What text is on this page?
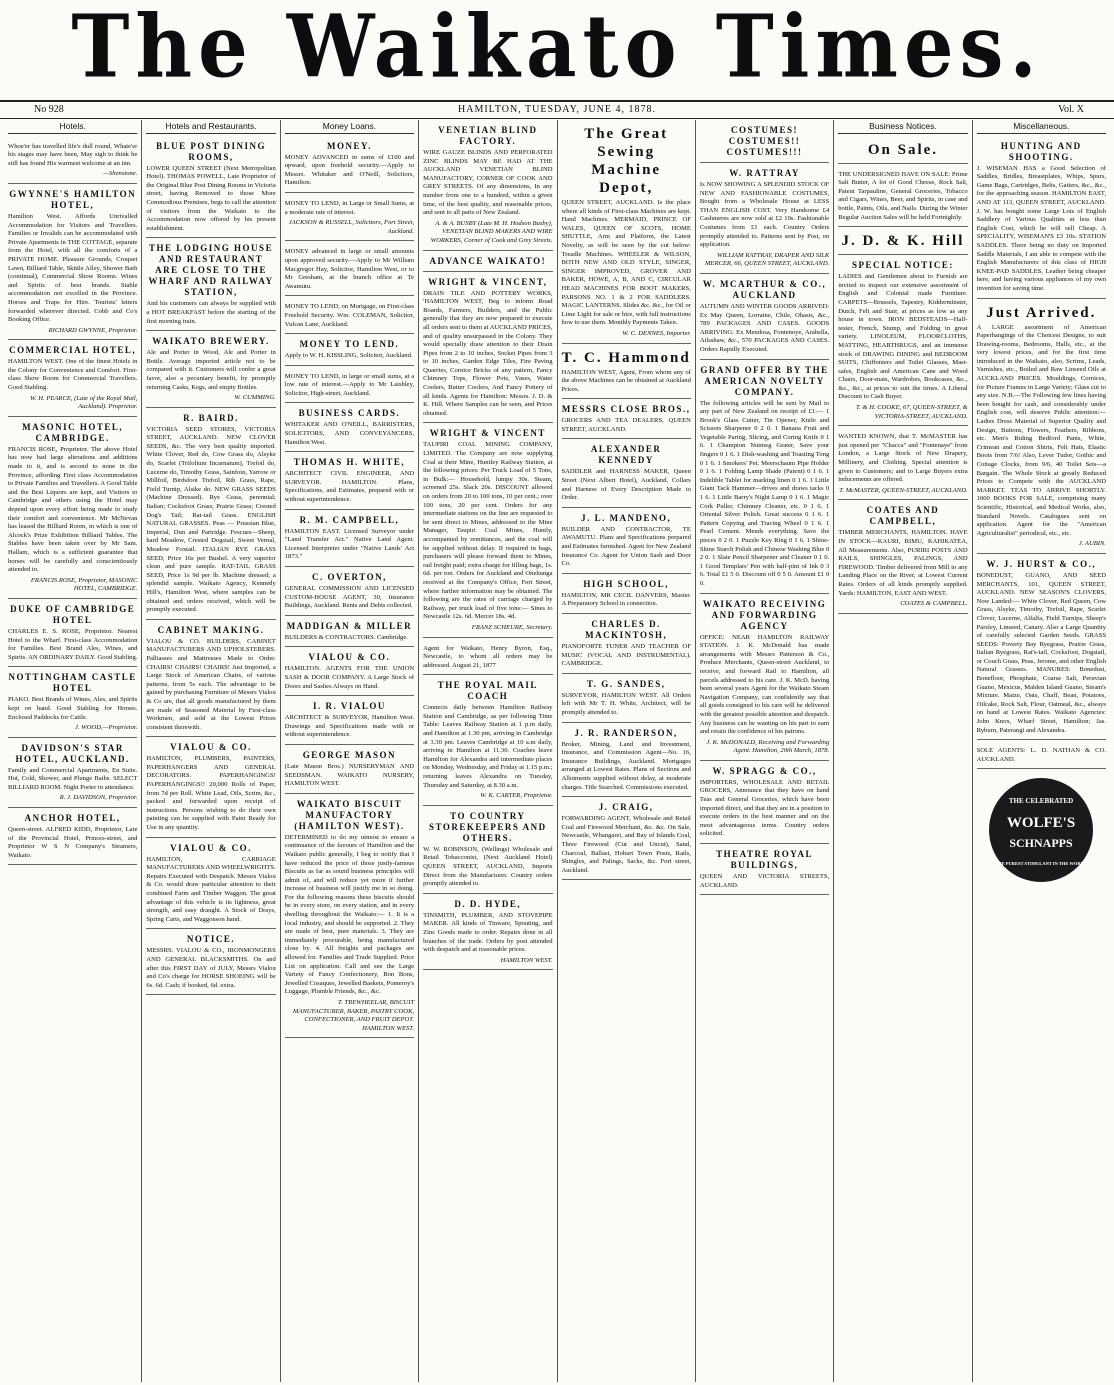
The Waikato Times.
No 928	HAMILTON, TUESDAY, JUNE 4, 1878.	Vol. X
Hotels.
Whoe'er has travelled life's dull round, Whate'er his stages may have been, May sigh to think he still has found His warmest welcome at an inn.
—Shenstone.
GWYNNE'S HAMILTON HOTEL,
Hamilton West. Affords Unrivalled Accommodation for Visitors and Travellers. Families or Invalids can be accommodated with Private Apartments in THE COTTAGE, separate from the Hotel, with all the comforts of a PRIVATE HOME. Pleasure Grounds, Croquet Lawn, Billiard Table, Skittle Alley, Shower Bath (continual), Commercial Show Rooms. Wines and Spirits of best brands. Stable accommodation not excelled in the Province. Horses and Traps for Hire. Tourists' letters forwarded wherever directed. Cobb and Co's Booking Office.
RICHARD GWYNNE, Proprietor.
COMMERCIAL HOTEL,
HAMILTON WEST. One of the finest Hotels in the Colony for Convenience and Comfort. First-class Show Room for Commercial Travellers. Good Stabling.
W. H. PEARCE, (Late of the Royal Mail, Auckland). Proprietor.
MASONIC HOTEL, CAMBRIDGE.
FRANCIS ROSE, Proprietor. The above Hotel has now had large alterations and additions made to it, and is second to none in the Province, affording First class Accommodation to Private Families and Travellers. A Good Table and the Best Liquors are kept, and Visitors to Cambridge and others using the Hotel may depend upon every effort being made to study their comfort and convenience. Mr McNevan has leased the Billiard Room, in which is one of Alcock's Prize Exhibition Billiard Tables. The Stables have been taken over by Mr Sam. Hallam, which is a sufficient guarantee that horses will be carefully and conscientiously attended to.
FRANCIS ROSE, Proprietor, MASONIC HOTEL, CAMBRIDGE.
DUKE OF CAMBRIDGE HOTEL
CHARLES E. S. ROSE, Proprietor. Nearest Hotel to the Wharf. First-class Accommodation for Families. Best Brand Ales, Wines, and Spirits. AN ORDINARY DAILY. Good Stabling.
NOTTINGHAM CASTLE HOTEL
PIAKO. Best Brands of Wines, Ales, and Spirits kept on hand. Good Stabling for Horses. Enclosed Paddocks for Cattle.
J. WOOD,—Proprietor.
DAVIDSON'S STAR HOTEL, AUCKLAND.
Family and Commercial Apartments, En Suite. Hot, Cold, Shower, and Plunge Baths. SELECT BILLIARD ROOM. Night Porter in attendance.
R. J. DAVIDSON, Proprietor.
ANCHOR HOTEL,
Queen-street. ALFRED KIDD, Proprietor, Late of the Provincial Hotel, Princes-street, and Proprietor W S N Company's Steamers, Waikato.
Hotels and Restaurants.
BLUE POST DINING ROOMS,
LOWER QUEEN STREET (Next Metropolitan Hotel). THOMAS POWELL, Late Proprietor of the Original Blue Post Dining Rooms in Victoria street, having Removed to those More Commodious Premises, begs to call the attention of visitors from the Waikato to the Accommodation now offered by his present establishment.
THE LODGING HOUSE AND RESTAURANT ARE CLOSE TO THE WHARF AND RAILWAY STATION,
And his customers can always be supplied with a HOT BREAKFAST before the starting of the first morning train.
WAIKATO BREWERY.
Ale and Porter in Wood, Ale and Porter in Bottle. Average imported article not to be compared with it. Customers will confer a great favor, also a pecuniary benefit, by promptly returning Casks, Kegs, and empty Bottles.
W. CUMMING.
R. BAIRD.
VICTORIA SEED STORES, VICTORIA STREET, AUCKLAND. NEW CLOVER SEEDS, &c. The very best quality imported. White Clover, Red do, Cow Grass do, Alsyke do, Scarlet (Trifolium Incarnatum), Trefoil do, Lucerne do, Timothy Grass, Sainfoin, Yarrow or Millfoil, Birdsfoot Trefoil, Rib Grass, Rape, Field Turnip, Alsike do. NEW GRASS SEEDS (Machine Dressed). Rye Grass, perennial; Italian; Cocksfoot Grass; Prairie Grass; Crested Dog's Tail; Rat-tail Grass. ENGLISH NATURAL GRASSES. Peas — Prussian Blue, Imperial, Dun and Partridge. Fescues—Sheep, hard Meadow, Crested Dogstail, Sweet Vernal, Meadow Foxtail. ITALIAN RYE GRASS SEED, Price 16s per Bushel. A very superior clean and pure sample. RAT-TAIL GRASS SEED, Price 1s 9d per lb. Machine dressed; a splendid sample. Waikato Agency, Kennedy Hill's, Hamilton West, where samples can be obtained and orders received, which will be promptly executed.
CABINET MAKING.
VIALOU & CO. BUILDERS, CABINET MANUFACTURERS AND UPHOLSTERERS. Palliasses and Mattresses Made to Order. CHAIRS! CHAIRS! CHAIRS! Just Imported, a Large Stock of American Chairs, of various patterns, from 5s each. The advantage to be gained by purchasing Furniture of Messrs Vialou & Co are, that all goods manufactured by them are made of Seasoned Material by First-class Workmen, and sold at the Lowest Prices consistent therewith.
VIALOU & CO.
HAMILTON, PLUMBERS, PAINTERS, PAPERHANGERS AND GENERAL DECORATORS. PAPERHANGINGS! PAPERHANGINGS!! 20,000 Rolls of Paper, from 7d per Roll. White Lead, Oils, Scrim, &c., packed and forwarded upon receipt of instructions. Persons wishing to do their own painting can be supplied with Paint Ready for Use in any quantity.
VIALOU & CO.
HAMILTON, CARRIAGE MANUFACTURERS AND WHEELWRIGHTS. Repairs Executed with Despatch. Messrs Vialou & Co. would draw particular attention to their combined Farm and Timber Waggon. The great advantage of this vehicle is its lightness, great strength, and easy draught. A Stock of Drays, Spring Carts, and Waggonson hand.
NOTICE.
MESSRS. VIALOU & CO., IRONMONGERS AND GENERAL BLACKSMITHS. On and after this FIRST DAY of JULY, Messrs Vialou and Co's charge for HORSE SHOEING will be 6s. 6d. Cash; if booked, 6d. extra.
Money Loans.
MONEY.
MONEY ADVANCED in sums of £100 and upward, upon freehold security.—Apply to Messrs. Whitaker and O'Neill, Solicitors, Hamilton.
MONEY TO LEND, in Large or Small Sums, at a moderate rate of interest.
JACKSON & RUSSELL, Solicitors, Fort Street, Auckland.
MONEY advanced in large or small amounts upon approved security.—Apply to Mr William Macgregor Hay, Solicitor, Hamilton West, or to Mr Gresham, at the branch office at Te Awamutu.
MONEY TO LEND, on Mortgage, on First-class Freehold Security. Wm. COLEMAN, Solicitor, Vulcan Lane, Auckland.
MONEY TO LEND.
Apply to W. H. KISSLING, Solicitor, Auckland.
MONEY TO LEND, in large or small sums, at a low rate of interest.—Apply to Mr Laishley, Solicitor, High-street, Auckland.
BUSINESS CARDS.
WHITAKER AND O'NEILL, BARRISTERS, SOLICITORS, AND CONVEYANCERS, Hamilton West.
THOMAS H. WHITE,
ARCHITECT CIVIL ENGINEER, AND SURVEYOR. HAMILTON. Plans, Specifications, and Estimates, prepared with or without superintendence.
R. M. CAMPBELL,
HAMILTON EAST. Licensed Surveyor under "Land Transfer Act." Native Land Agent. Licensed Interpreter under "Native Lands' Act 1873."
C. OVERTON,
GENERAL COMMISSION AND LICENSED CUSTOM-HOUSE AGENT, 30, Insurance Buildings, Auckland. Rents and Debts collected.
MADDIGAN & MILLER
BUILDERS & CONTRACTORS. Cambridge.
VIALOU & CO.
HAMILTON. AGENTS FOR THE UNION SASH & DOOR COMPANY. A Large Stock of Doors and Sashes Always on Hand.
I. R. VIALOU
ARCHITECT & SURVEYOR, Hamilton West. Drawings and Specifications made with or without superintendence.
GEORGE MASON
(Late Mason Bros.) NURSERYMAN AND SEEDSMAN. WAIKATO NURSERY, HAMILTON WEST.
WAIKATO BISCUIT MANUFACTORY (HAMILTON WEST).
DETERMINED to do my utmost to ensure a continuance of the favours of Hamilton and the Waikato public generally, I beg to notify that I have reduced the price of those justly-famous Biscuits as far as sound business principles will admit of, and will reduce yet more if further increase of business will justify me in so doing. For the following reasons these biscuits should be in every store, on every station, and in every dwelling throughout the Waikato:— 1. It is a local industry, and should be supported. 2. They are made of best, pure materials. 3. They are immediately procurable, being manufactured close by. 4. All freights and packages are allowed for. Families and Trade Supplied. Price List on application. Call and see the Large Variety of Fancy Confectionery, Bon Bons, Jewelled Cosaques, Jewelled Baskets, Pomeroy's Luggage, Plumble Friends, &c., &c.
T. TREWHEELAR, BISCUIT MANUFACTURER, BAKER, PASTRY COOK, CONFECTIONER, AND FRUIT DEPOT. HAMILTON WEST.
VENETIAN BLIND FACTORY.
WIRE GAUZE BLINDS AND PERFORATED ZINC BLINDS MAY BE HAD AT THE AUCKLAND VENETIAN BLIND MANUFACTORY, CORNER OF COOK AND GREY STREETS. Of any dimensions, In any number from one to a hundred, within a given time, of the best quality, and reasonable prices, and sent to all parts of New Zealand.
A. & A. BUSBY (Late M. H. Hodson Busby), VENETIAN BLIND MAKERS AND WIRE WORKERS, Corner of Cook and Grey Streets.
ADVANCE WAIKATO!
WRIGHT & VINCENT,
DRAIN TILE AND POTTERY WORKS, 'HAMILTON WEST, Beg to inform Road Boards, Farmers, Builders, and the Public generally that they are now prepared to execute all orders sent to them at AUCKLAND PRICES, and of quality unsurpassed in the Colony. They would specially draw attention to their Drain Pipes from 2 to 10 inches, Socket Pipes from 3 to 10 inches, Garden Edge Tiles, Fire Paving Quarries, Cornice Bricks of any pattern, Fancy Chimney Tops, Flower Pots, Vases, Water Coolers, Butter Coolers, And Fancy Pottery of all kinds. Agents for Hamilton: Messrs. J. D. & K. Hill. Where Samples can be seen, and Prices obtained.
WRIGHT & VINCENT
TAUPIRI COAL MINING COMPANY, LIMITED. The Company are now supplying Coal at their Mine, Huntley Railway Station, at the following prices: Per Truck Load of 5 Tons, in Bulk:— Household, lumpy 30s. Steam, screened 25s. Slack 20s. DISCOUNT allowed on orders from 20 to 100 tons, 10 per cent.; over 100 tons, 20 per cent. Orders for any intermediate stations on the line are requested to be sent direct to Mines, addressed to the Mine Manager, Taupiri Coal Mines, Huntly, accompanied by remittances, and the coal will be supplied without delay. If required in bags, purchasers will please forward them to Mines, rail freight paid; extra charge for filling bags, 1s. 6d. per ton. Orders for Auckland and Onehunga received at the Company's Office, Fort Street, where further information may be obtained. The following are the rates of carriage charged by Railway, per truck load of five tons:— Sines to Newcastle 12s. 6d. Mercer 18s. 4d.
FRANZ SCHEURE, Secretary.
Agent for Waikato, Henry Byron, Esq., Newcastle, to whom all orders may be addressed. August 21, 1877
THE ROYAL MAIL COACH
Connects daily between Hamilton Railway Station and Cambridge, as per following Time Table: Leaves Railway Station at 1 p.m daily, and Hamilton at 1.30 pm, arriving in Cambridge at 3.30 pm. Leaves Cambridge at 10 a.m daily, arriving in Hamilton at 11.30. Coaches leave Hamilton for Alexandra and intermediate places on Monday, Wednesday, and Friday at 1.15 p.m.; returning leaves Alexandra on Tuesday, Thursday and Saturday, at 8.30 a.m.
W. K. CARTER, Proprietor.
TO COUNTRY STOREKEEPERS AND OTHERS.
W. W. ROBINSON, (Wellings) Wholesale and Retail Tobacconist, (Next Auckland Hotel) QUEEN STREET, AUCKLAND, Imports Direct from the Manufacturer. Country orders promptly attended to.
D. D. HYDE,
TINSMITH, PLUMBER, AND STOVEPIPE MAKER. All kinds of Tinware, Spouting, and Zinc Goods made to order. Repairs done in all branches of the trade. Orders by post attended with despatch and at reasonable prices.
HAMILTON WEST.
The Great Sewing Machine Depot,
QUEEN STREET, AUCKLAND. Is the place where all kinds of First-class Machines are kept. Hand Machines. MERMAID, PRINCE OF WALES, QUEEN OF SCOTS, HOME SHUTTLE, Arm and Platform, the Latest Novelty, as will be seen by the cut below: Treadle Machines. WHEELER & WILSON, BOTH NEW AND OLD STYLE, SINGER, SINGER IMPROVED, GROVER AND BAKER, HOWE, A, B, AND C, CIRCULAR HEAD MACHINES FOR BOOT MAKERS, PARSONS NO. 1 & 2 FOR SADDLERS. MAGIC LANTERNS. Slides &c. &c., for Oil or Lime Light for sale or hire, with full instructions how to use them. Monthly Payments Taken.
W. C. DENNES, Importer.
T. C. Hammond
HAMILTON WEST, Agent, From whom any of the above Machines can be obtained at Auckland Prices.
MESSRS CLOSE BROS.,
GROCERS AND TEA DEALERS, QUEEN STREET, AUCKLAND.
ALEXANDER KENNEDY
SADDLER and HARNESS MAKER, Queen Street (Next Albert Hotel), Auckland. Collars and Harness of Every Description Made to Order.
J. L. MANDENO,
BUILDER AND CONTRACTOR, TE AWAMUTU. Plans and Specifications prepared and Estimates furnished. Agent for New Zealand Insurance Co. Agent for Union Sash and Door Co.
HIGH SCHOOL,
HAMILTON, MR CECIL DANVERS, Master. A Preparatory School in connection.
CHARLES D. MACKINTOSH,
PIANOFORTE TUNER AND TEACHER OF MUSIC (VOCAL AND INSTRUMENTAL). CAMBRIDGE.
T. G. SANDES,
SURVEYOR, HAMILTON WEST. All Orders left with Mr T. H. White, Architect, will be promptly attended to.
J. R. RANDERSON,
Broker, Mining, Land and Investment, Insurance, and Commission Agent—No. 16, Insurance Buildings, Auckland. Mortgages arranged at Lowest Rates. Plans of Sections and Allotments supplied without delay, at moderate charges. Title Searched. Commissions executed.
J. CRAIG,
FORWARDING AGENT, Wholesale and Retail Coal and Firewood Merchant, &c. &c. On Sale, Newcastle, Whangarei, and Bay of Islands Coal, Three Firewood (Cut and Uncut), Sand, Charcoal, Ballast, Hobart Town Posts, Rails, Shingles, and Palings, Sacks, &c. Fort street, Auckland.
COSTUMES! COSTUMES!! COSTUMES!!!
W. RATTRAY
Is NOW SHOWING A SPLENDID STOCK OF NEW AND FASHIONABLE COSTUMES, Bought from a Wholesale House at LESS THAN ENGLISH COST. Very Handsome £4 Cashmeres are now sold at £2 10s. Fashionable Costumes from £1 each. Country Orders promptly attended to. Patterns sent by Post, on application.
WILLIAM RATTRAY, DRAPER AND SILK MERCER, 66, QUEEN STREET, AUCKLAND.
W. MCARTHUR & CO., AUCKLAND
AUTUMN AND WINTER GOODS ARRIVED: Ex May Queen, Lorraine, Chile, Ohasis, &c., 789 PACKAGES AND CASES. GOODS ARRIVING: Ex Mendosa, Fontenoye, Arabella, Ailsshaw, &c., 570 PACKAGES AND CASES. Orders Rapidly Executed.
GRAND OFFER BY THE AMERICAN NOVELTY COMPANY.
The following articles will be sent by Mail to any part of New Zealand on receipt of £1:— 1 Brook's Glass Cutter, Tin Opener, Knife and Scissors Sharpener 0 2 0. 1 Banana Fruit and Vegetable Paring, Slicing, and Coring Knife 0 1 6. 1 Champion Nutmeg Grater, Save your fingers 0 1 6. 1 Dish-washing and Toasting Tong 0 1 6. 1 Smokers' Pet. Meerschaum Pipe Holder 0 1 6. 1 Folding Lamp Shade (Patent) 0 1 6. 1 Indelible Tablet for marking linen 0 1 6. 1 Little Giant Tack Hammer—drives and draws tacks 0 1 6. 1 Little Barry's Night Lamp 0 1 6. 1 Magic Cork Puller, Chimney Cleaner, etc. 0 1 6. 1 Oriental Silver Polish. Great success 0 1 6. 1 Pattern Copying and Tracing Wheel 0 1 6. 1 Pearl Cement. Mends everything. Save the pieces 0 2 0. 1 Puzzle Key Ring 0 1 6. 1 Shine-Shine Starch Polish and Chinese Washing Blue 0 2 0. 1 Slate Pencil Sharpener and Cleaner 0 1 0. 1 Good Templars' Pen with half-pint of Ink 0 3 6. Total £1 5 0. Discount off 0 5 0. Amount £1 0 0.
WAIKATO RECEIVING AND FORWARDING AGENCY
OFFICE: NEAR HAMILTON RAILWAY STATION. J. K. McDonald has made arrangements with Messrs Patterson & Co., Produce Merchants, Queen-street Auckland, to receive, and forward Rail to Hamilton, all parcels addressed to his care. J. K. McD. having been several years Agent for the Waikato Steam Navigation Company, can confidently say that all goods consigned to his care will be delivered with the greatest possible attention and despatch. Any business can be wanting on his part to earn and retain the confidence of his patrons.
J. K. McDONALD, Receiving and Forwarding Agent. Hamilton, 20th March, 1878.
W. SPRAGG & CO.,
IMPORTERS, WHOLESALE AND RETAIL GROCERS, Announce that they have on hand Teas and General Groceries, which have been imported direct, and that they are in a position to execute orders in the best manner and on the most advantageous terms. Country orders solicited.
THEATRE ROYAL BUILDINGS,
QUEEN AND VICTORIA STREETS, AUCKLAND.
Business Notices.
On Sale.
THE UNDERSIGNED HAVE ON SALE: Prime Salt Butter, A lot of Good Cheese, Rock Salt, Patent Tarpauline, General Groceries, Tobacco and Cigars, Wines, Beer, and Spirits, in case and bottle, Paints, Oils, and Nails. During the Winter Regular Auction Sales will be held Fortnightly.
J. D. & K. Hill
SPECIAL NOTICE:
LADIES and Gentlemen about to Furnish are invited to inspect our extensive assortment of English and Colonial made Furniture. CARPETS—Brussels, Tapestry, Kidderminster, Dutch, Felt and Stair, at prices as low as any house in town. IRON BEDSTEADS—Half-tester, French, Stump, and Folding in great variety. LINOLEUM, FLOORCLOTHS, MATTING, HEARTHRUGS, and an immense stock of DRAWING DINING and BEDROOM SUITS, Chiffoniers and Toilet Glasses, Mast-safes, English and American Cane and Wood Chairs, Door-mats, Wardrobes, Bookcases, &c., &c., &c., at prices to suit the times. A Liberal Discount to Cash Buyer.
T. & H. COOKE, 67, QUEEN-STREET, & VICTORIA-STREET, AUCKLAND.
WANTED KNOWN, that T. McMASTER has just opened per "Chacca" and "Fontenaye" from London, a Large Stock of New Drapery, Millinery, and Clothing. Special attention is given to Customers; and to Large Buyers extra inducements are offered.
T. McMASTER, QUEEN-STREET, AUCKLAND.
COATES AND CAMPBELL,
TIMBER MERCHANTS, HAMILTON. HAVE IN STOCK—KAURI, RIMU, KAHIKATEA, All Measurements. Also, PURIRI POSTS AND RAILS, SHINGLES, PALINGS, AND FIREWOOD. Timber delivered from Mill to any Landing Place on the River, at Lowest Current Rates. Orders of all kinds promptly supplied. Yards: HAMILTON, EAST AND WEST.
COATES & CAMPBELL.
Miscellaneous.
HUNTING AND SHOOTING.
J. WISEMAN HAS a Good Selection of Saddles, Bridles, Breastplates, Whips, Spurs, Game Bags, Cartridges, Belts, Gaiters, &c., &c., for the approaching season. HAMILTON EAST, AND AT 113, QUEEN STREET, AUCKLAND. J. W. has bought some Large Lots of English Saddlery of Various Qualities at less than English Cost, which he will sell Cheap. A SPECIALITY, WISEMAN'S £3 10s. STATION SADDLES. There being no duty on Imported Saddle Materials, I am able to compete with the English Manufacturers of this class of HIGH KNEE-PAD SADDLES, Leather being cheaper here, and having various appliances of my own invention for saving time.
Just Arrived.
A LARGE assortment of American Paperhangings of the Choicest Designs, to suit Drawing-rooms, Bedrooms, Halls, etc., at the very lowest prices, and for the first time introduced in the Waikato, also, Scrims, Leads, Varnishes, etc., Boiled and Raw Linseed Oils at AUCKLAND PRICES. Mouldings, Cornices, for Picture Frames in Large Variety; Glass cut to any size. N.B.—The Following few lines having been bought for cash, and considerably under English cost, will deserve Public attention:— Ladies Dress Material of Superior Quality and Design, Buttons, Flowers, Feathers, Ribbons, etc. Men's Riding Bedford Pants, White, Crimean and Cotton Shirts, Felt Hats, Elastic Boots from 7/6! Also, Lever Tudor, Gothic and Cottage Clocks, from 9/6, 40 Toilet Sets—a Bargain. The Whole Stock at greatly Reduced Prices to Compete with the AUCKLAND MARKET. TEAS TO ARRIVE SHORTLY. 1000 BOOKS FOR SALE, comprising many Scientific, Historical, and Medical Works, also, Standard Novels. Catalogues sent on application. Agent for the "American Agriculturalist" periodical, etc., etc.
J. AUBIN.
W. J. HURST & CO.,
BONEDUST, GUANO, AND SEED MERCHANTS, 101, QUEEN STREET, AUCKLAND. NEW SEASON'S CLOVERS, Now Landed:— White Clover, Red Queen, Cow Grass, Alsyke, Timothy, Trefoil, Rape, Scarlet Clover, Lucerne, Alfalfa, Field Turnips, Sheep's Parsley, Linseed, Canary. Also a Large Quantity of carefully selected Garden Seeds. GRASS SEEDS: Poverty Bay Ryegrass, Prairie Grass, Italian Ryegrass, Rat's-tail, Cocksfoot, Dogstail, or Couch Grass, Peas, Jerome, and other English Natural Grasses. MANURES: Bonedust, Bonefloor, Phosphate, Coarse Salt, Peruvian Guano, Mexicus, Malden Island Guano, Steam's Mixture. Maize, Oats, Chaff, Bean, Potatoes, Oilcake, Rock Salt, Flour, Oatmeal, &c., always on hand at Lowest Rates. Waikato Agencies: John Knox, Wharf Street, Hamilton; Jas. Ryburn, Paterangi and Alexandra.
SOLE AGENTS: L. D. NATHAN & CO. AUCKLAND.
THE CELEBRATED
WOLFE'S
SCHNAPPS
THE PUREST STIMULANT IN THE WORLD
